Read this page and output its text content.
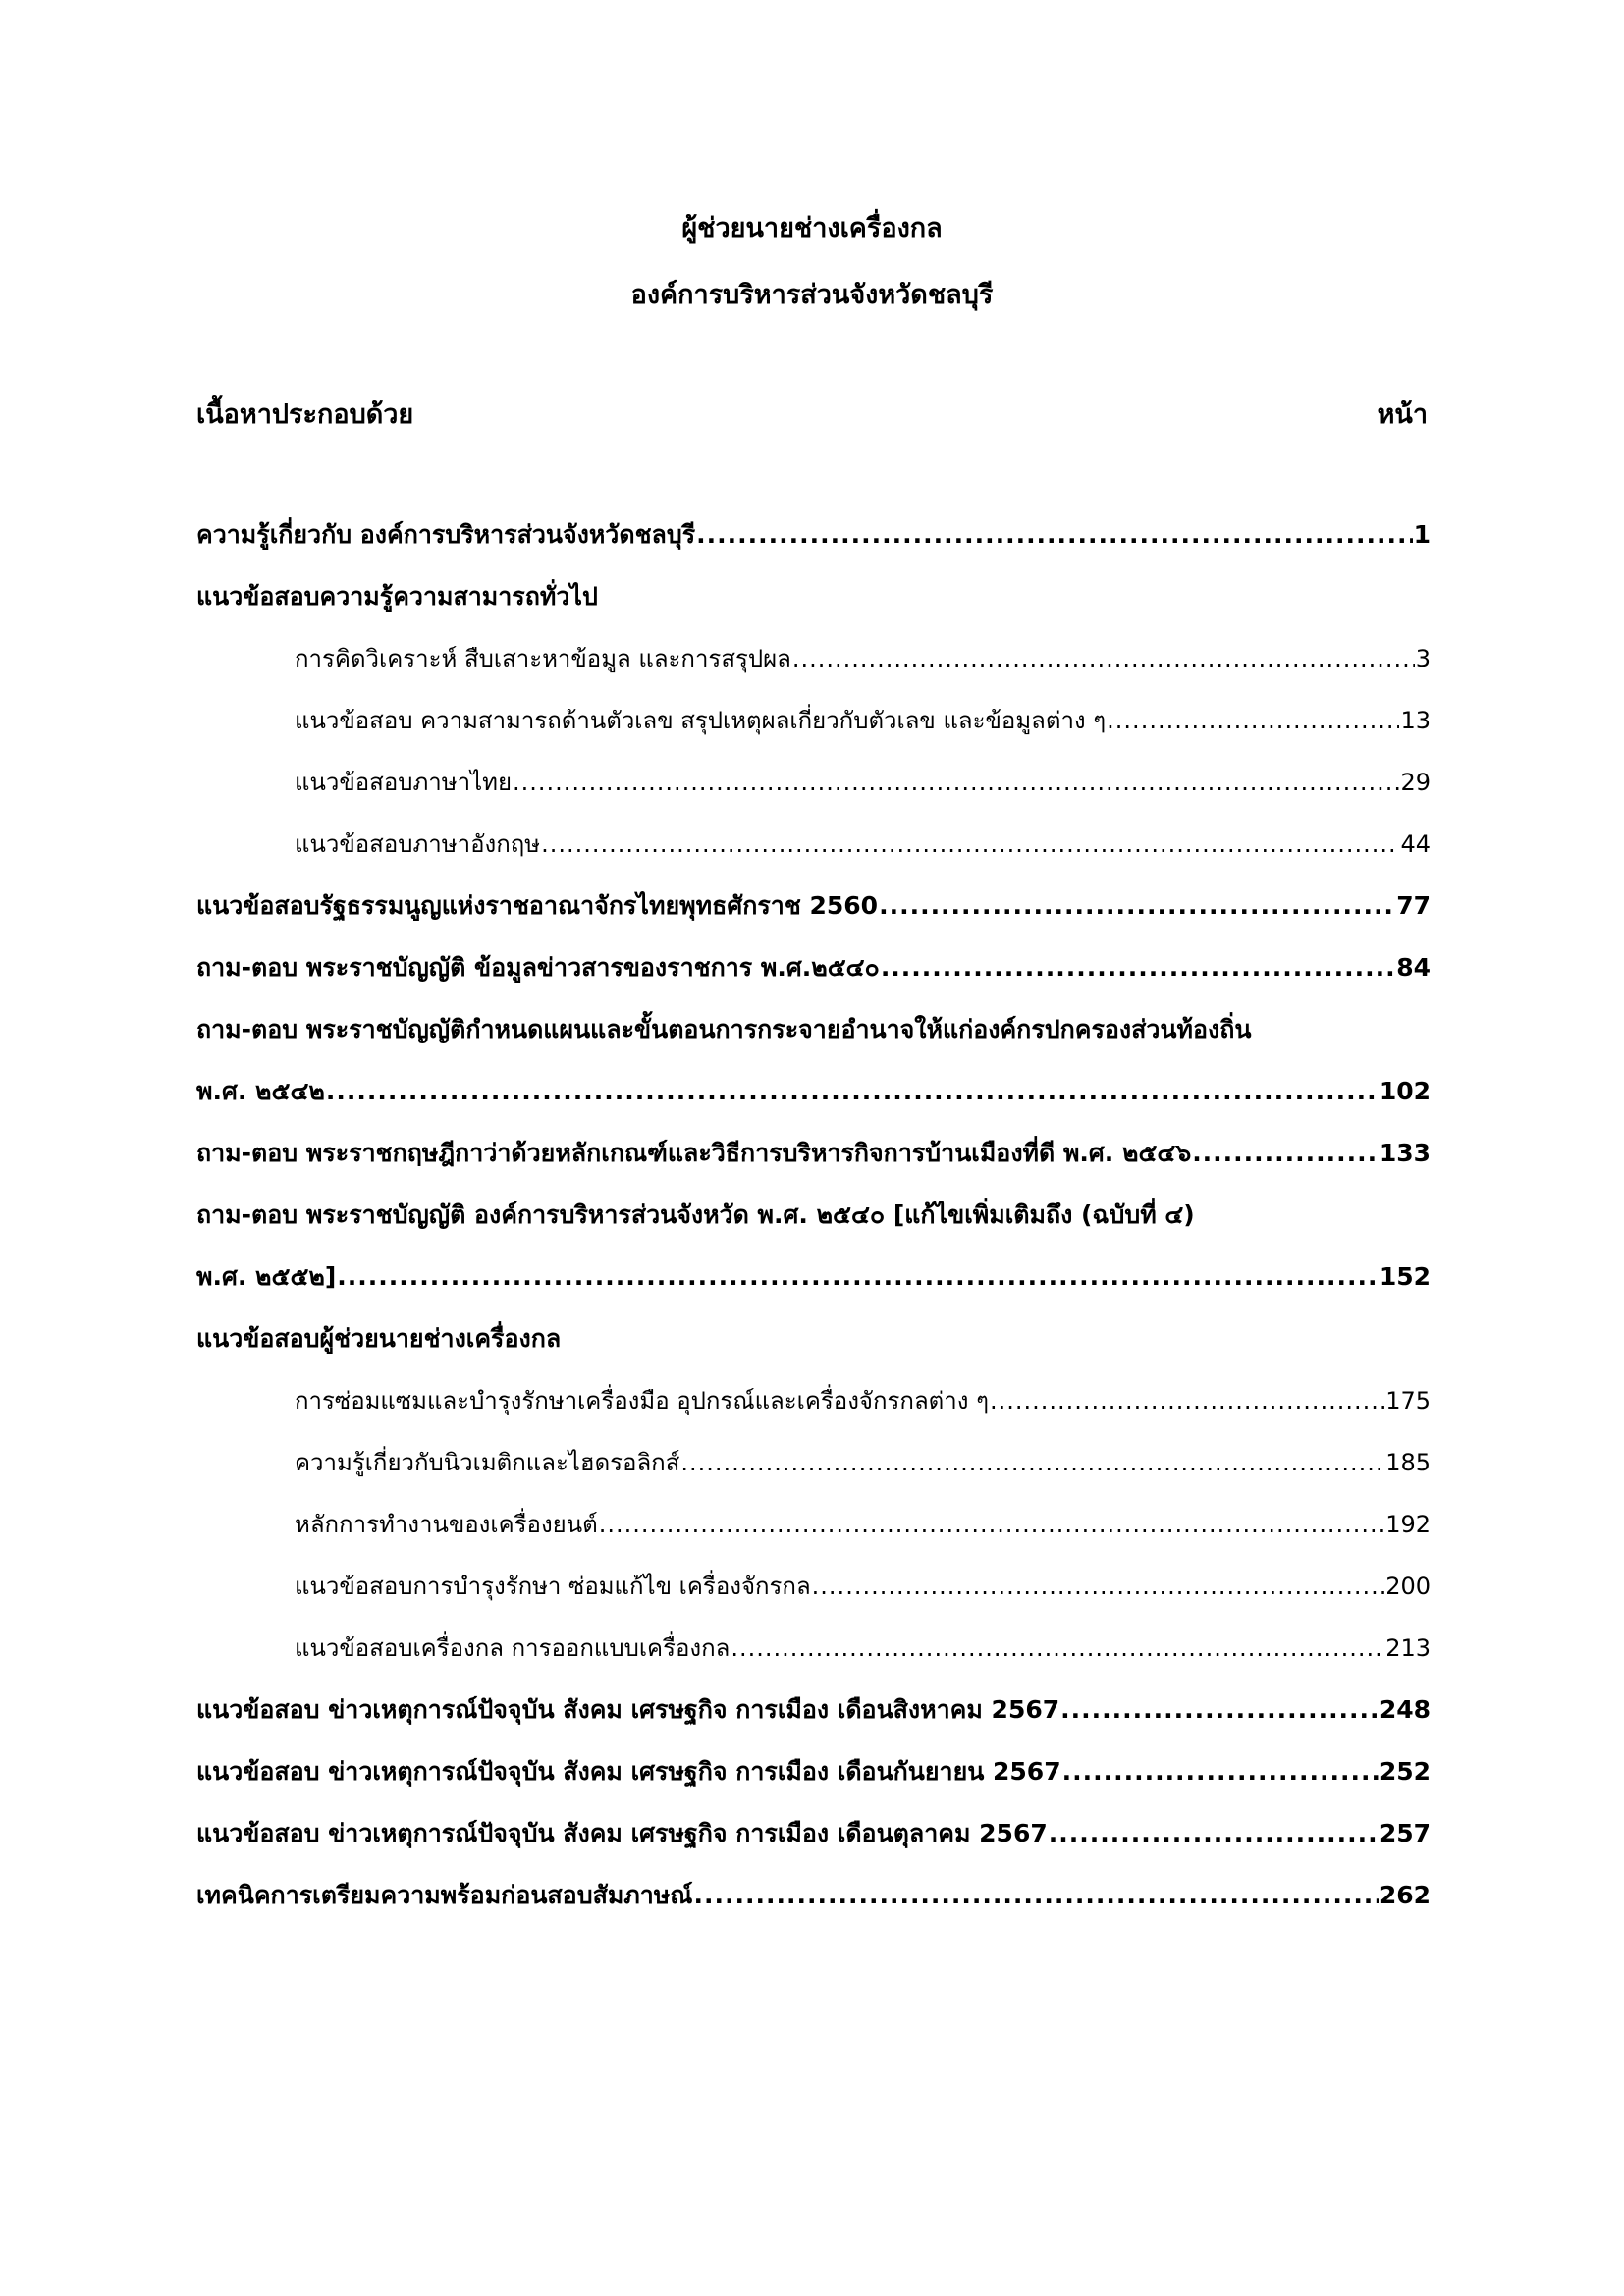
ผู้ช่วยนายช่างเครื่องกล
องค์การบริหารส่วนจังหวัดชลบุรี
เนื้อหาประกอบด้วย	หน้า
ความรู้เกี่ยวกับ องค์การบริหารส่วนจังหวัดชลบุรี .....	1
แนวข้อสอบความรู้ความสามารถทั่วไป
การคิดวิเคราะห์ สืบเสาะหาข้อมูล และการสรุปผล .....	3
แนวข้อสอบ ความสามารถด้านตัวเลข สรุปเหตุผลเกี่ยวกับตัวเลข และข้อมูลต่าง ๆ .....	13
แนวข้อสอบภาษาไทย .....	29
แนวข้อสอบภาษาอังกฤษ .....	44
แนวข้อสอบรัฐธรรมนูญแห่งราชอาณาจักรไทยพุทธศักราช 2560 .....	77
ถาม-ตอบ พระราชบัญญัติ ข้อมูลข่าวสารของราชการ พ.ศ.๒๕๔๐ .....	84
ถาม-ตอบ พระราชบัญญัติกำหนดแผนและขั้นตอนการกระจายอำนาจให้แก่องค์กรปกครองส่วนท้องถิ่น
พ.ศ. ๒๕๔๒ .....	102
ถาม-ตอบ พระราชกฤษฎีกาว่าด้วยหลักเกณฑ์และวิธีการบริหารกิจการบ้านเมืองที่ดี พ.ศ. ๒๕๔๖ .....	133
ถาม-ตอบ พระราชบัญญัติ องค์การบริหารส่วนจังหวัด พ.ศ. ๒๕๔๐ [แก้ไขเพิ่มเติมถึง (ฉบับที่ ๔)
พ.ศ. ๒๕๕๒] .....	152
แนวข้อสอบผู้ช่วยนายช่างเครื่องกล
การซ่อมแซมและบำรุงรักษาเครื่องมือ อุปกรณ์และเครื่องจักรกลต่าง ๆ .....	175
ความรู้เกี่ยวกับนิวเมติกและไฮดรอลิกส์ .....	185
หลักการทำงานของเครื่องยนต์ .....	192
แนวข้อสอบการบำรุงรักษา ซ่อมแก้ไข เครื่องจักรกล .....	200
แนวข้อสอบเครื่องกล การออกแบบเครื่องกล .....	213
แนวข้อสอบ ข่าวเหตุการณ์ปัจจุบัน สังคม เศรษฐกิจ การเมือง เดือนสิงหาคม 2567 .....	248
แนวข้อสอบ ข่าวเหตุการณ์ปัจจุบัน สังคม เศรษฐกิจ การเมือง เดือนกันยายน 2567 .....	252
แนวข้อสอบ ข่าวเหตุการณ์ปัจจุบัน สังคม เศรษฐกิจ การเมือง เดือนตุลาคม 2567 .....	257
เทคนิคการเตรียมความพร้อมก่อนสอบสัมภาษณ์ .....	262
